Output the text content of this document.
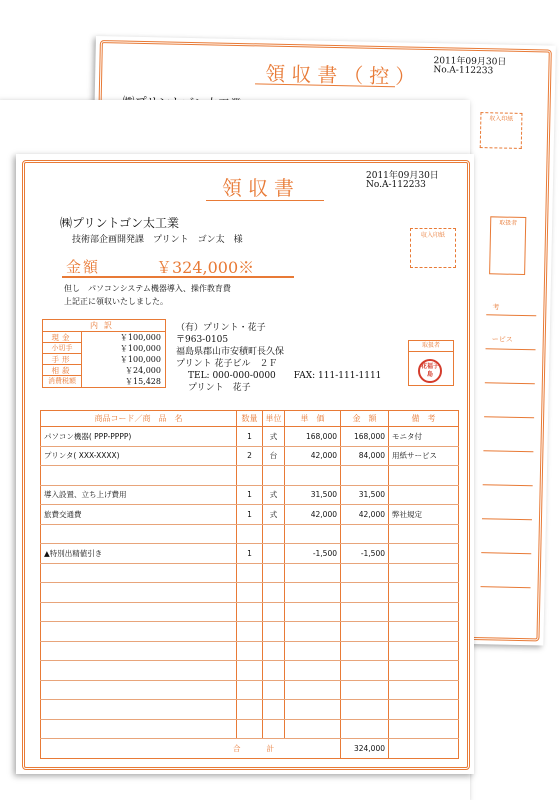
領収書（控） 2011年09月30日
No.A-112233
収入印紙
取扱者
考
ービス
領収書	2011年09月30日
No.A-112233
㈱プリントゴン太工業
技術部企画開発課　プリント　ゴン太　様	収入印紙
金額	￥324,000※
但し　パソコンシステム機器導入、操作教育費
上記正に領収いたしました。
内訳
現金	￥100,000
小切手	￥100,000
手形	￥100,000
相殺	￥24,000
消費税額	￥15,428
（有）プリント・花子
〒963-0105
福島県郡山市安積町長久保
プリント 花子ビル　２Ｆ
TEL: 000-000-0000　　FAX: 111-111-1111
プリント　花子
取扱者
花福子島
商品コード／商　品　名	数量	単位	単　価	金　額	備　考
パソコン機器( PPP-PPPP)	1	式	168,000	168,000	モニタ付
プリンタ( XXX-XXXX)	2	台	42,000	84,000	用紙サービス

導入設置、立ち上げ費用	1	式	31,500	31,500	
旅費交通費	1	式	42,000	42,000	弊社規定

▲特別出精値引き	1		-1,500	-1,500	

合計				324,000	
